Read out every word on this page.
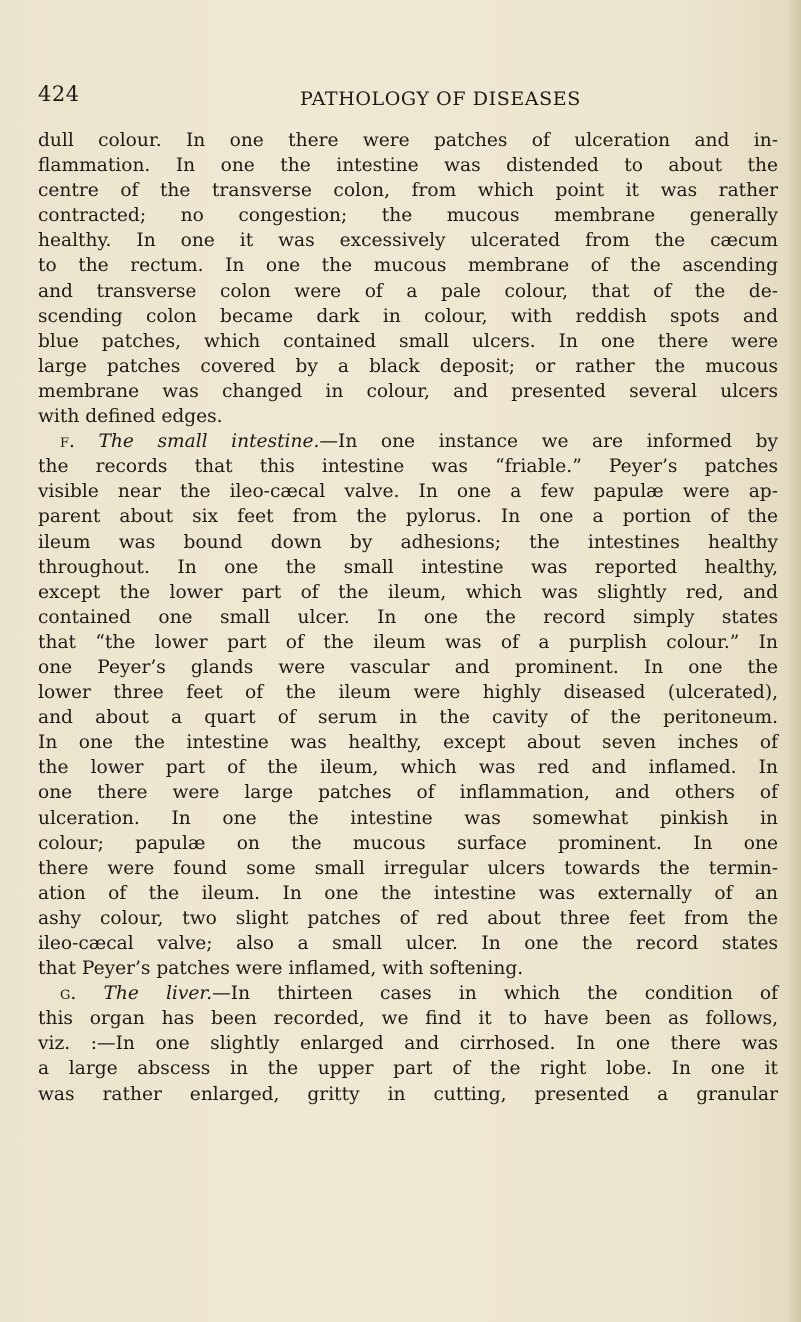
424	PATHOLOGY OF DISEASES
dull colour. In one there were patches of ulceration and in-
flammation. In one the intestine was distended to about the
centre of the transverse colon, from which point it was rather
contracted; no congestion; the mucous membrane generally
healthy. In one it was excessively ulcerated from the cæcum
to the rectum. In one the mucous membrane of the ascending
and transverse colon were of a pale colour, that of the de-
scending colon became dark in colour, with reddish spots and
blue patches, which contained small ulcers. In one there were
large patches covered by a black deposit; or rather the mucous
membrane was changed in colour, and presented several ulcers
with defined edges.
f. The small intestine.—In one instance we are informed by
the records that this intestine was “friable.” Peyer’s patches
visible near the ileo-cæcal valve. In one a few papulæ were ap-
parent about six feet from the pylorus. In one a portion of the
ileum was bound down by adhesions; the intestines healthy
throughout. In one the small intestine was reported healthy,
except the lower part of the ileum, which was slightly red, and
contained one small ulcer. In one the record simply states
that “the lower part of the ileum was of a purplish colour.” In
one Peyer’s glands were vascular and prominent. In one the
lower three feet of the ileum were highly diseased (ulcerated),
and about a quart of serum in the cavity of the peritoneum.
In one the intestine was healthy, except about seven inches of
the lower part of the ileum, which was red and inflamed. In
one there were large patches of inflammation, and others of
ulceration. In one the intestine was somewhat pinkish in
colour; papulæ on the mucous surface prominent. In one
there were found some small irregular ulcers towards the termin-
ation of the ileum. In one the intestine was externally of an
ashy colour, two slight patches of red about three feet from the
ileo-cæcal valve; also a small ulcer. In one the record states
that Peyer’s patches were inflamed, with softening.
g. The liver.—In thirteen cases in which the condition of
this organ has been recorded, we find it to have been as follows,
viz. :—In one slightly enlarged and cirrhosed. In one there was
a large abscess in the upper part of the right lobe. In one it
was rather enlarged, gritty in cutting, presented a granular
